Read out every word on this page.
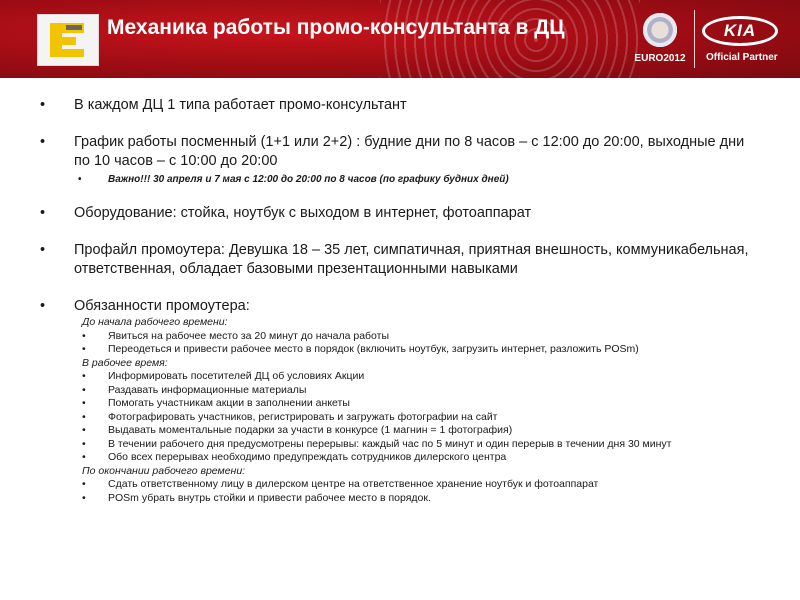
Механика работы промо-консультанта в ДЦ
EURO2012
KIA
Official Partner
•	В каждом ДЦ 1 типа работает промо-консультант
•	График работы посменный (1+1 или 2+2) : будние дни по 8 часов – с 12:00 до 20:00, выходные дни по 10 часов – с 10:00 до 20:00
•	Важно!!! 30 апреля и 7 мая с 12:00 до 20:00 по 8 часов (по графику будних дней)
•	Оборудование: стойка, ноутбук с выходом в интернет, фотоаппарат
•	Профайл промоутера: Девушка 18 – 35 лет, симпатичная, приятная внешность, коммуникабельная, ответственная, обладает базовыми презентационными навыками
•	Обязанности промоутера:
До начала рабочего времени:
• Явиться на рабочее место за 20 минут до начала работы
• Переодеться и привести рабочее место в порядок (включить ноутбук, загрузить интернет, разложить POSm)
В рабочее время:
• Информировать посетителей ДЦ об условиях Акции
• Раздавать информационные материалы
• Помогать участникам акции в заполнении анкеты
• Фотографировать участников, регистрировать и загружать фотографии на сайт
• Выдавать моментальные подарки за участи в конкурсе (1 магнин = 1 фотография)
• В течении рабочего дня предусмотрены перерывы: каждый час по 5 минут и один перерыв в течении дня 30 минут
• Обо всех перерывах необходимо предупреждать сотрудников дилерского центра
По окончании рабочего времени:
• Сдать ответственному лицу в дилерском центре на ответственное хранение ноутбук и фотоаппарат
• POSm убрать внутрь стойки и привести рабочее место в порядок.
